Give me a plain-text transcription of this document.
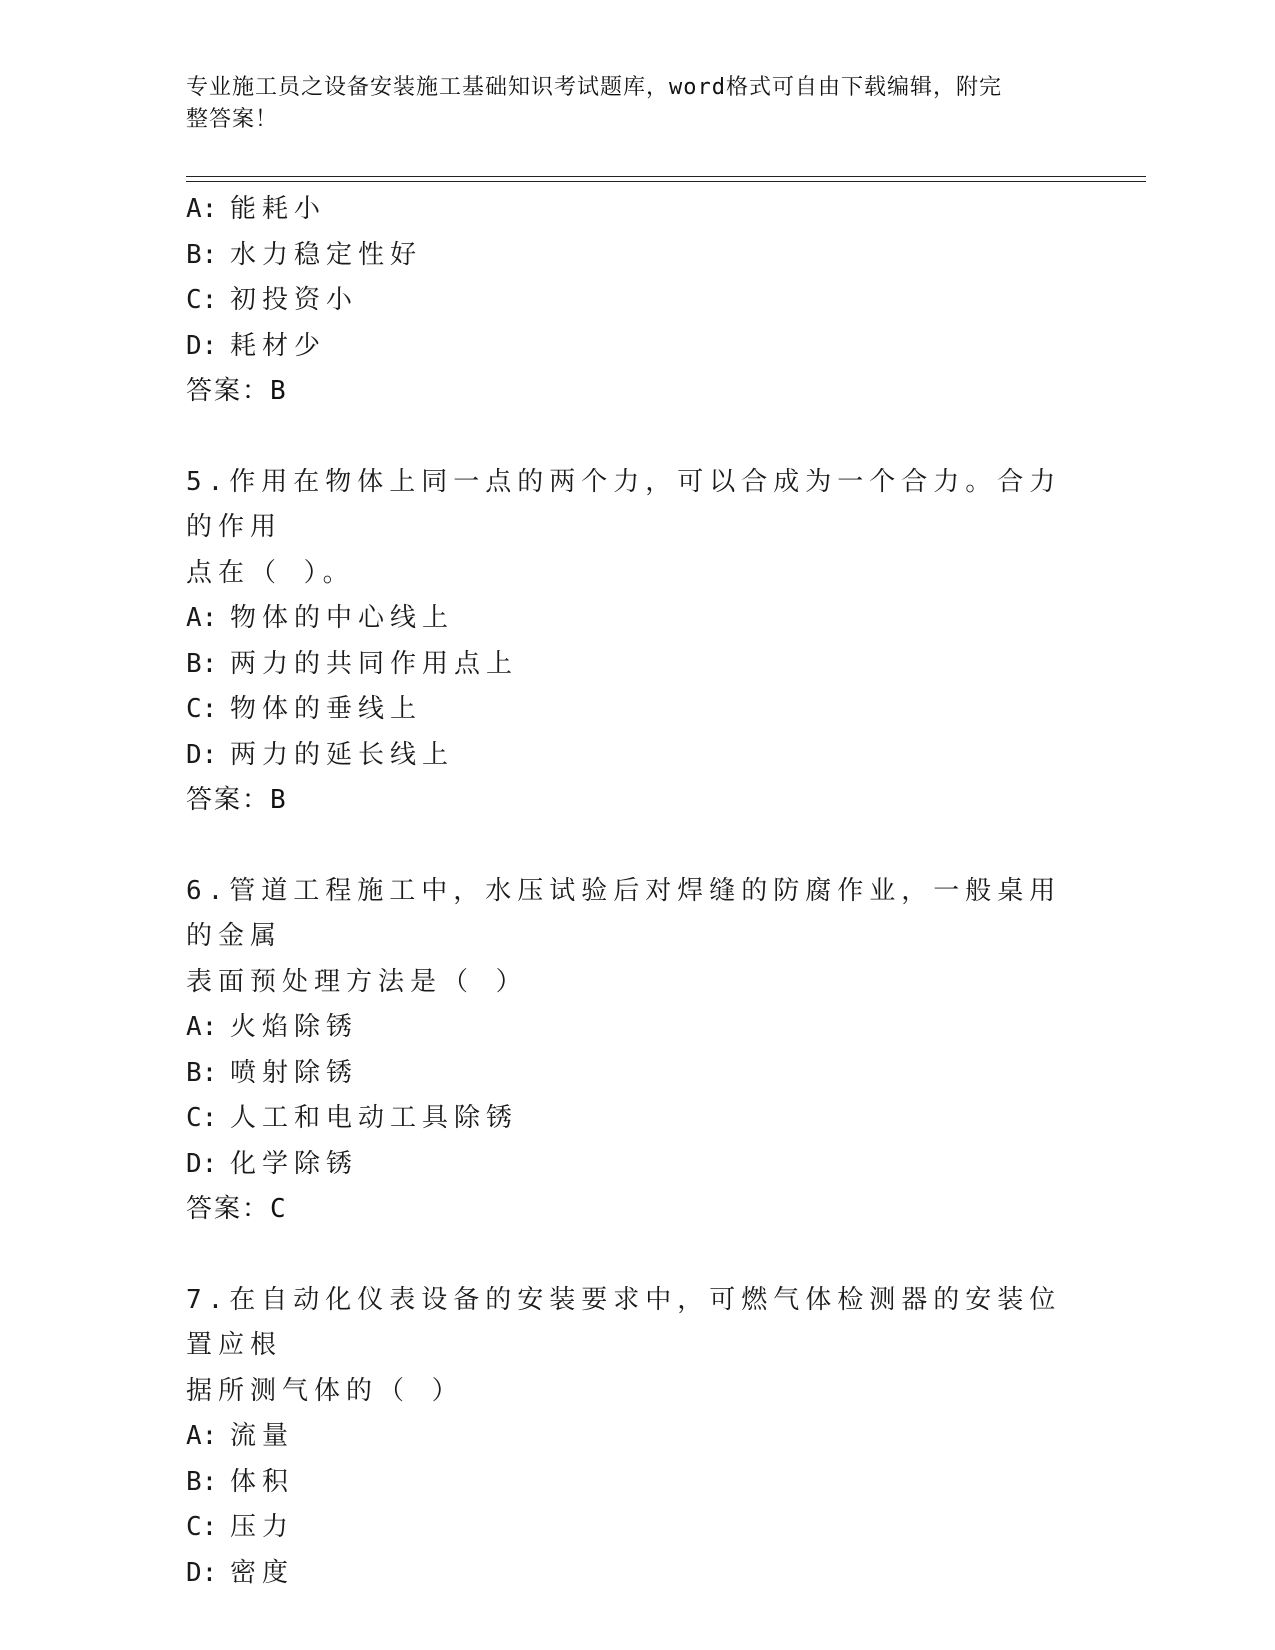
专业施工员之设备安装施工基础知识考试题库，word格式可自由下载编辑，附完
整答案！
A: 能耗小
B: 水力稳定性好
C: 初投资小
D: 耗材少
答案：B
5.作用在物体上同一点的两个力，可以合成为一个合力。合力的作用
点在（ ）。
A: 物体的中心线上
B: 两力的共同作用点上
C: 物体的垂线上
D: 两力的延长线上
答案：B
6.管道工程施工中，水压试验后对焊缝的防腐作业，一般桌用的金属
表面预处理方法是（ ）
A: 火焰除锈
B: 喷射除锈
C: 人工和电动工具除锈
D: 化学除锈
答案：C
7.在自动化仪表设备的安装要求中，可燃气体检测器的安装位置应根
据所测气体的（ ）
A: 流量
B: 体积
C: 压力
D: 密度
